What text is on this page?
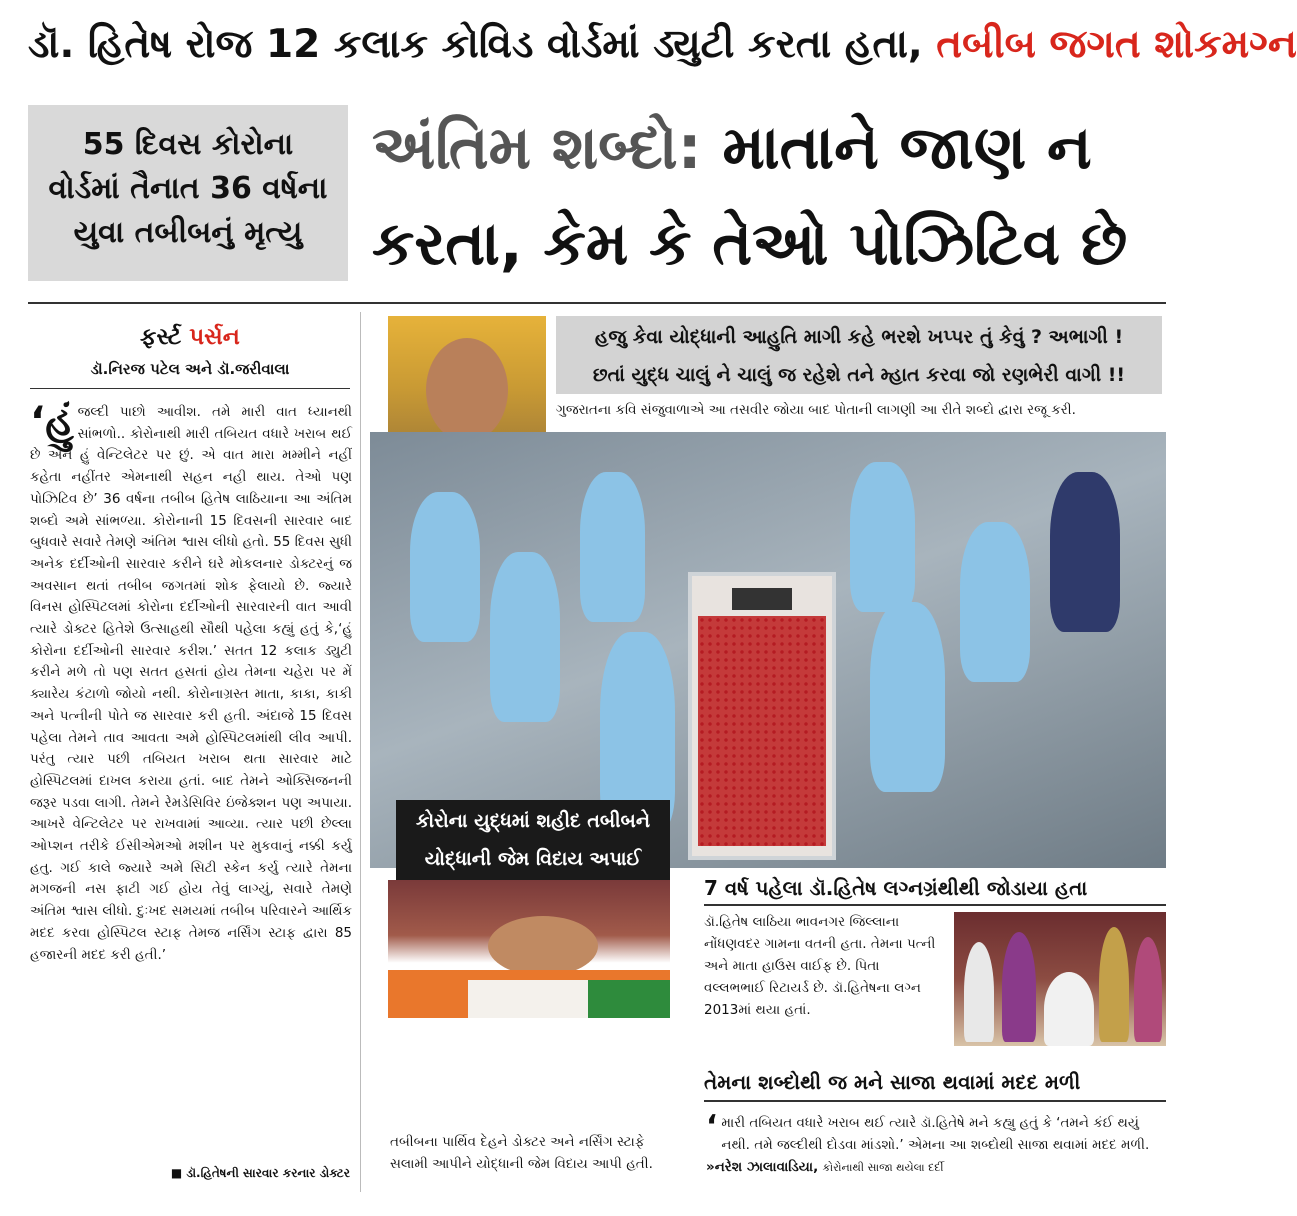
ડૉ. હિતેષ રોજ 12 કલાક કોવિડ વોર્ડમાં ડ્યુટી કરતા હતા, તબીબ જગત શોકમગ્ન
55 દિવસ કોરોના
વોર્ડમાં તૈનાત 36 વર્ષના
યુવા તબીબનું મૃત્યુ
અંતિમ શબ્દો: માતાને જાણ ન
કરતા, કેમ કે તેઓ પોઝિટિવ છે
ફર્સ્ટ પર્સન
ડૉ.નિરજ પટેલ અને ડૉ.જરીવાલા
‘હું જલ્દી પાછો આવીશ. તમે મારી વાત ધ્યાનથી સાંભળો.. કોરોનાથી મારી તબિયત વધારે ખરાબ થઈ છે અને હું વેન્ટિલેટર પર છું. એ વાત મારા મમ્મીને નહીં કહેતા નહીંતર એમનાથી સહન નહી થાય. તેઓ પણ પોઝિટિવ છે’ 36 વર્ષના તબીબ હિતેષ લાઠિયાના આ અંતિમ શબ્દો અમે સાંભળ્યા. કોરોનાની 15 દિવસની સારવાર બાદ બુધવારે સવારે તેમણે અંતિમ શ્વાસ લીધો હતો. 55 દિવસ સુધી અનેક દર્દીઓની સારવાર કરીને ઘરે મોકલનાર ડોક્ટરનું જ અવસાન થતાં તબીબ જગતમાં શોક ફેલાયો છે. જ્યારે વિનસ હોસ્પિટલમાં કોરોના દર્દીઓની સારવારની વાત આવી ત્યારે ડોક્ટર હિતેશે ઉત્સાહથી સૌથી પહેલા કહ્યું હતું કે,‘હું કોરોના દર્દીઓની સારવાર કરીશ.’ સતત 12 કલાક ડ્યુટી કરીને મળે તો પણ સતત હસતાં હોય તેમના ચહેરા પર મેં ક્યારેય કંટાળો જોયો નથી. કોરોનાગ્રસ્ત માતા, કાકા, કાકી અને પત્નીની પોતે જ સારવાર કરી હતી. અંદાજે 15 દિવસ પહેલા તેમને તાવ આવતા અમે હોસ્પિટલમાંથી લીવ આપી. પરંતુ ત્યાર પછી તબિયત ખરાબ થતા સારવાર માટે હોસ્પિટલમાં દાખલ કરાયા હતાં. બાદ તેમને ઓક્સિજનની જરૂર પડવા લાગી. તેમને રેમડેસિવિર ઇંજેક્શન પણ અપાયા. આખરે વેન્ટિલેટર પર રાખવામાં આવ્યા. ત્યાર પછી છેલ્લા ઓપ્શન તરીકે ઈસીએમઓ મશીન પર મુકવાનું નક્કી કર્યુ હતુ. ગઈ કાલે જ્યારે અમે સિટી સ્કેન કર્યુ ત્યારે તેમના મગજની નસ ફાટી ગઈ હોય તેવું લાગ્યું, સવારે તેમણે અંતિમ શ્વાસ લીધો. દુઃખદ સમયમાં તબીબ પરિવારને આર્થિક મદદ કરવા હોસ્પિટલ સ્ટાફ તેમજ નર્સિંગ સ્ટાફ દ્વારા 85 હજારની મદદ કરી હતી.’
■ ડૉ.હિતેષની સારવાર કરનાર ડોક્ટર
હજુ કેવા યોદ્ધાની આહુતિ માગી કહે ભરશે ખપ્પર તું કેવું ? અભાગી !
છતાં યુદ્ધ ચાલું ને ચાલું જ રહેશે તને મ્હાત કરવા જો રણભેરી વાગી !!
ગુજરાતના કવિ સંજુવાળાએ આ તસવીર જોયા બાદ પોતાની લાગણી આ રીતે શબ્દો દ્વારા રજૂ કરી.
કોરોના યુદ્ધમાં શહીદ તબીબને
યોદ્ધાની જેમ વિદાય અપાઈ
તબીબના પાર્થિવ દેહને ડોક્ટર અને નર્સિંગ સ્ટાફે સલામી આપીને યોદ્ધાની જેમ વિદાય આપી હતી.
7 વર્ષ પહેલા ડૉ.હિતેષ લગ્નગ્રંથીથી જોડાયા હતા
ડૉ.હિતેષ લાઠિયા ભાવનગર જિલ્લાના નોંધણવદર ગામના વતની હતા. તેમના પત્ની અને માતા હાઉસ વાઈફ છે. પિતા વલ્લભભાઈ રિટાયર્ડ છે. ડૉ.હિતેષના લગ્ન 2013માં થયા હતાં.
તેમના શબ્દોથી જ મને સાજા થવામાં મદદ મળી
‘ મારી તબિયત વધારે ખરાબ થઈ ત્યારે ડૉ.હિતેષે મને કહ્યુ હતું કે ‘તમને કંઈ થયું નથી. તમે જલ્દીથી દોડવા માંડશો.’ એમના આ શબ્દોથી સાજા થવામાં મદદ મળી. »નરેશ ઝાલાવાડિયા, કોરોનાથી સાજા થયેલા દર્દી
